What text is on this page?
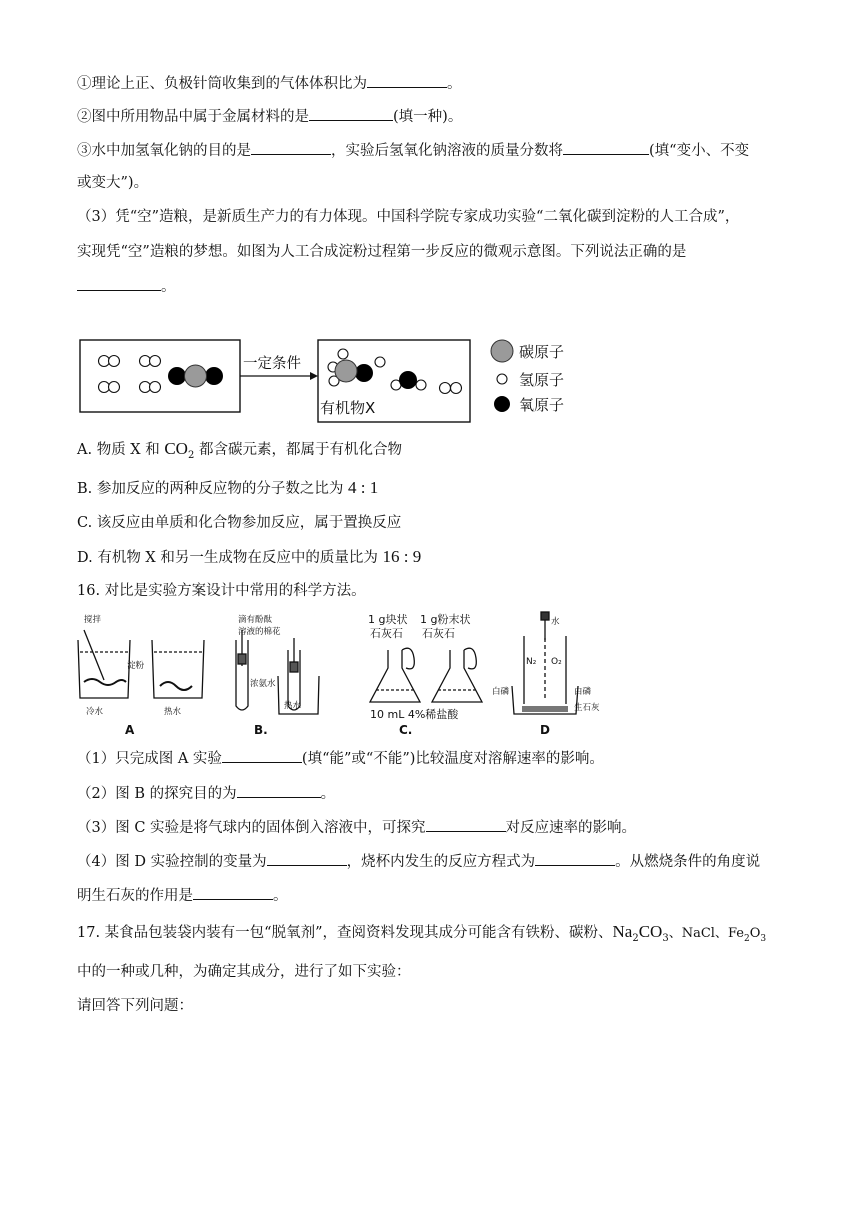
①理论上正、负极针筒收集到的气体体积比为	。
②图中所用物品中属于金属材料的是	(填一种)。
③水中加氢氧化钠的目的是	，实验后氢氧化钠溶液的质量分数将	(填“变小、不变
或变大”)。
（3）凭“空”造粮，是新质生产力的有力体现。中国科学院专家成功实验“二氧化碳到淀粉的人工合成”，
实现凭“空”造粮的梦想。如图为人工合成淀粉过程第一步反应的微观示意图。下列说法正确的是
。
一定条件
有机物X
碳原子
氢原子
氧原子
A. 物质 X 和 $CO_2$ 都含碳元素，都属于有机化合物
B. 参加反应的两种反应物的分子数之比为 4 : 1
C. 该反应由单质和化合物参加反应，属于置换反应
D. 有机物 X 和另一生成物在反应中的质量比为 16 : 9
16. 对比是实验方案设计中常用的科学方法。
搅拌
淀粉
冷水	热水
A
滴有酚酞
溶液的棉花
浓氨水
热水
B.
1 g块状
石灰石
1 g粉末状
石灰石
10 mL 4%稀盐酸
C.
水
N₂ O₂
白磷	白磷
生石灰
D
（1）只完成图 A 实验	(填“能”或“不能”)比较温度对溶解速率的影响。
（2）图 B 的探究目的为	。
（3）图 C 实验是将气球内的固体倒入溶液中，可探究	对反应速率的影响。
（4）图 D 实验控制的变量为	，烧杯内发生的反应方程式为	。从燃烧条件的角度说
明生石灰的作用是	。
17. 某食品包装袋内装有一包“脱氧剂”，查阅资料发现其成分可能含有铁粉、碳粉、$Na_2CO_3$、NaCl、$Fe_2O_3$
中的一种或几种，为确定其成分，进行了如下实验：
请回答下列问题：
